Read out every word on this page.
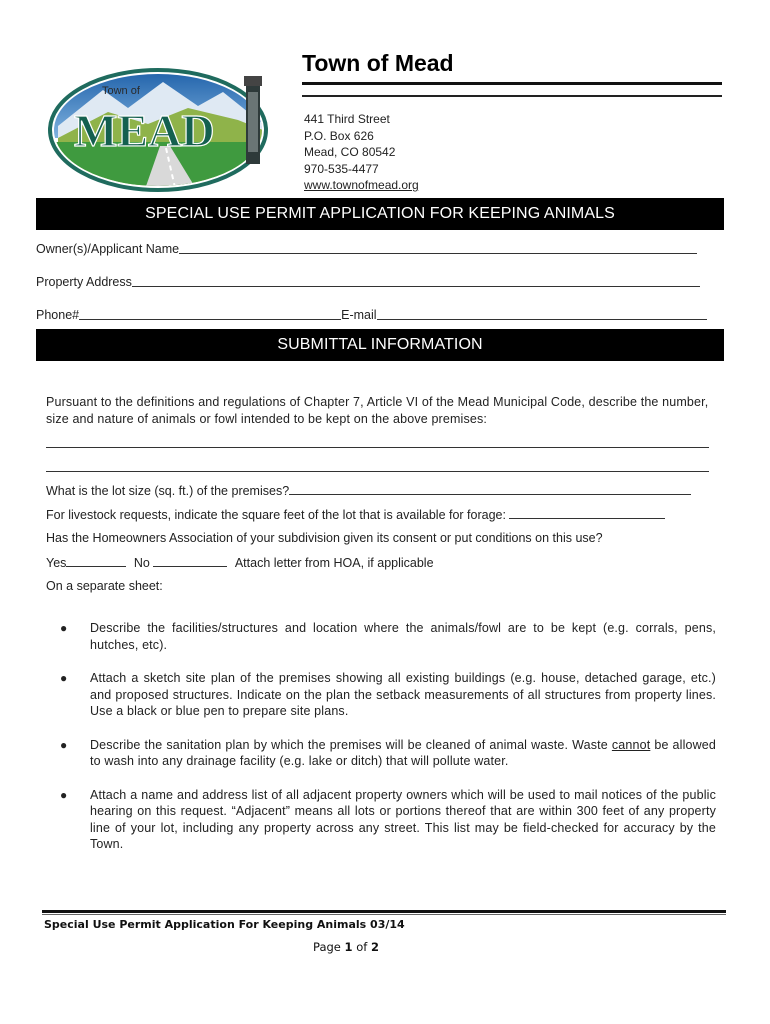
Town of
MEAD
Town of Mead
441 Third Street
P.O. Box 626
Mead, CO 80542
970-535-4477
www.townofmead.org
SPECIAL USE PERMIT APPLICATION FOR KEEPING ANIMALS
Owner(s)/Applicant Name
Property Address
Phone#	E-mail
SUBMITTAL INFORMATION
Pursuant to the definitions and regulations of Chapter 7, Article VI of the Mead Municipal Code, describe the number, size and nature of animals or fowl intended to be kept on the above premises:
What is the lot size (sq. ft.) of the premises?
For livestock requests, indicate the square feet of the lot that is available for forage:
Has the Homeowners Association of your subdivision given its consent or put conditions on this use?
Yes	No	Attach letter from HOA, if applicable
On a separate sheet:
●	Describe the facilities/structures and location where the animals/fowl are to be kept (e.g. corrals, pens, hutches, etc).
●	Attach a sketch site plan of the premises showing all existing buildings (e.g. house, detached garage, etc.) and proposed structures. Indicate on the plan the setback measurements of all structures from property lines. Use a black or blue pen to prepare site plans.
●	Describe the sanitation plan by which the premises will be cleaned of animal waste. Waste cannot be allowed to wash into any drainage facility (e.g. lake or ditch) that will pollute water.
●	Attach a name and address list of all adjacent property owners which will be used to mail notices of the public hearing on this request. “Adjacent” means all lots or portions thereof that are within 300 feet of any property line of your lot, including any property across any street. This list may be field-checked for accuracy by the Town.
Special Use Permit Application For Keeping Animals 03/14
Page 1 of 2
